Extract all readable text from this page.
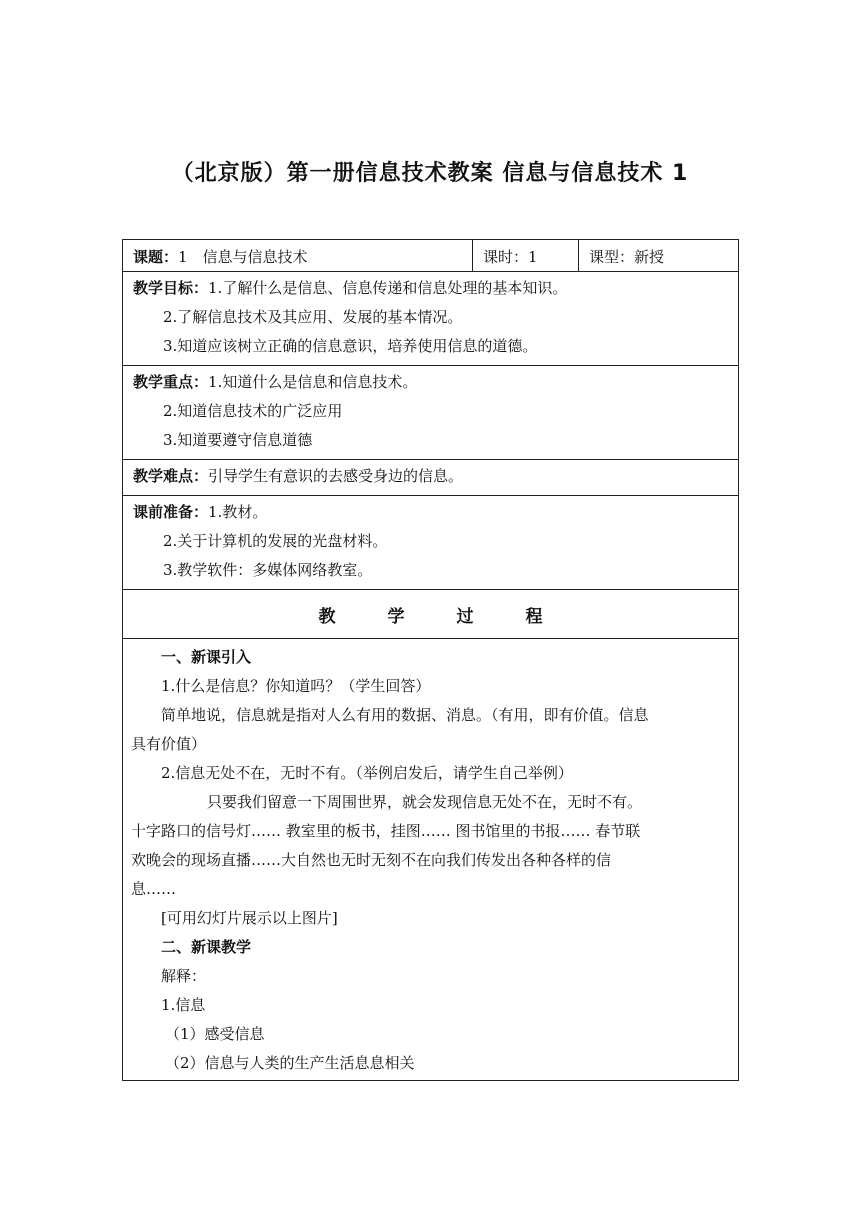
（北京版）第一册信息技术教案 信息与信息技术 1
课题：1　信息与信息技术	课时：1	课型：新授

教学目标：1.了解什么是信息、信息传递和信息处理的基本知识。
2.了解信息技术及其应用、发展的基本情况。
3.知道应该树立正确的信息意识，培养使用信息的道德。

教学重点：1.知道什么是信息和信息技术。
2.知道信息技术的广泛应用
3.知道要遵守信息道德

教学难点：引导学生有意识的去感受身边的信息。

课前准备：1.教材。
2.关于计算机的发展的光盘材料。
3.教学软件：多媒体网络教室。

教学过程

一、新课引入
1.什么是信息？你知道吗？（学生回答）
简单地说，信息就是指对人么有用的数据、消息。（有用，即有价值。信息
具有价值）
2.信息无处不在，无时不有。（举例启发后，请学生自己举例）
只要我们留意一下周围世界，就会发现信息无处不在，无时不有。
十字路口的信号灯…… 教室里的板书，挂图…… 图书馆里的书报…… 春节联
欢晚会的现场直播……大自然也无时无刻不在向我们传发出各种各样的信
息……
[可用幻灯片展示以上图片]
二、新课教学
解释：
1.信息
（1）感受信息
（2）信息与人类的生产生活息息相关
